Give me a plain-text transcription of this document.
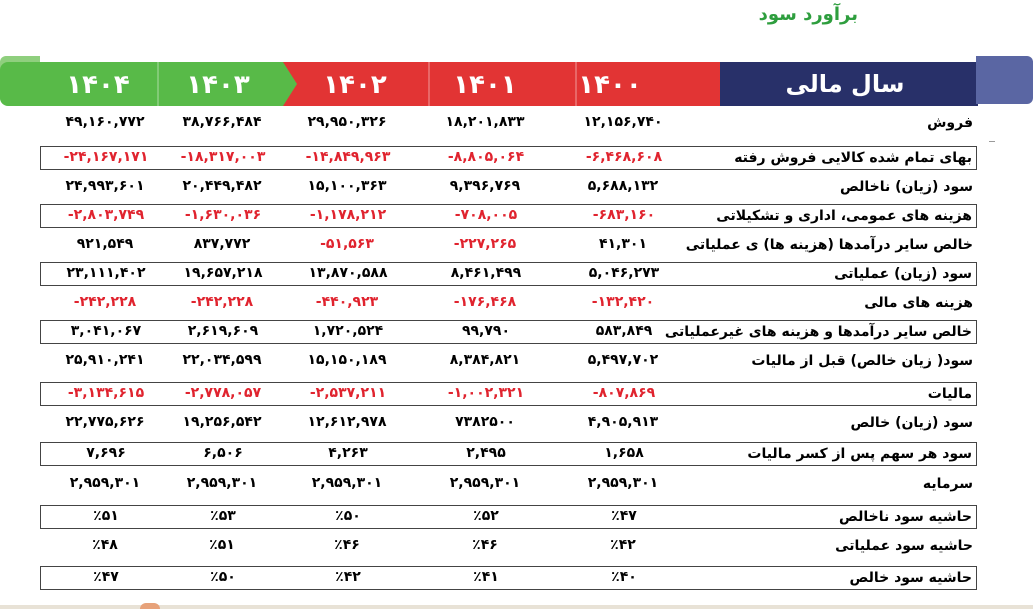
برآورد سود
سال مالی
۱۴۰۰
۱۴۰۱
۱۴۰۲
۱۴۰۳
۱۴۰۴
فروش
۱۲,۱۵۶,۷۴۰
۱۸,۲۰۱,۸۳۳
۲۹,۹۵۰,۳۲۶
۳۸,۷۶۶,۴۸۴
۴۹,۱۶۰,۷۷۲
بهای تمام شده کالایی فروش رفته
-۶,۴۶۸,۶۰۸
-۸,۸۰۵,۰۶۴
-۱۴,۸۴۹,۹۶۳
-۱۸,۳۱۷,۰۰۳
-۲۴,۱۶۷,۱۷۱
سود (زیان) ناخالص
۵,۶۸۸,۱۳۲
۹,۳۹۶,۷۶۹
۱۵,۱۰۰,۳۶۳
۲۰,۴۴۹,۴۸۲
۲۴,۹۹۳,۶۰۱
هزینه های عمومی، اداری و تشکیلاتی
-۶۸۳,۱۶۰
-۷۰۸,۰۰۵
-۱,۱۷۸,۲۱۲
-۱,۶۳۰,۰۳۶
-۲,۸۰۳,۷۴۹
خالص سایر درآمدها (هزینه ها) ی عملیاتی
۴۱,۳۰۱
-۲۲۷,۲۶۵
-۵۱,۵۶۳
۸۳۷,۷۷۲
۹۲۱,۵۴۹
سود (زیان) عملیاتی
۵,۰۴۶,۲۷۳
۸,۴۶۱,۴۹۹
۱۳,۸۷۰,۵۸۸
۱۹,۶۵۷,۲۱۸
۲۳,۱۱۱,۴۰۲
هزینه های مالی
-۱۳۲,۴۲۰
-۱۷۶,۴۶۸
-۴۴۰,۹۲۳
-۲۴۲,۲۲۸
-۲۴۲,۲۲۸
خالص سایر درآمدها و هزینه های غیرعملیاتی
۵۸۳,۸۴۹
۹۹,۷۹۰
۱,۷۲۰,۵۲۴
۲,۶۱۹,۶۰۹
۳,۰۴۱,۰۶۷
سود( زیان خالص) قبل از مالیات
۵,۴۹۷,۷۰۲
۸,۳۸۴,۸۲۱
۱۵,۱۵۰,۱۸۹
۲۲,۰۳۴,۵۹۹
۲۵,۹۱۰,۲۴۱
مالیات
-۸۰۷,۸۶۹
-۱,۰۰۲,۳۲۱
-۲,۵۳۷,۲۱۱
-۲,۷۷۸,۰۵۷
-۳,۱۳۴,۶۱۵
سود (زیان) خالص
۴,۹۰۵,۹۱۳
۷۳۸۲۵۰۰
۱۲,۶۱۲,۹۷۸
۱۹,۲۵۶,۵۴۲
۲۲,۷۷۵,۶۲۶
سود هر سهم پس از کسر مالیات
۱,۶۵۸
۲,۴۹۵
۴,۲۶۳
۶,۵۰۶
۷,۶۹۶
سرمایه
۲,۹۵۹,۳۰۱
۲,۹۵۹,۳۰۱
۲,۹۵۹,۳۰۱
۲,۹۵۹,۳۰۱
۲,۹۵۹,۳۰۱
حاشیه سود ناخالص
٪۴۷
٪۵۲
٪۵۰
٪۵۳
٪۵۱
حاشیه سود عملیاتی
٪۴۲
٪۴۶
٪۴۶
٪۵۱
٪۴۸
حاشیه سود خالص
٪۴۰
٪۴۱
٪۴۲
٪۵۰
٪۴۷
